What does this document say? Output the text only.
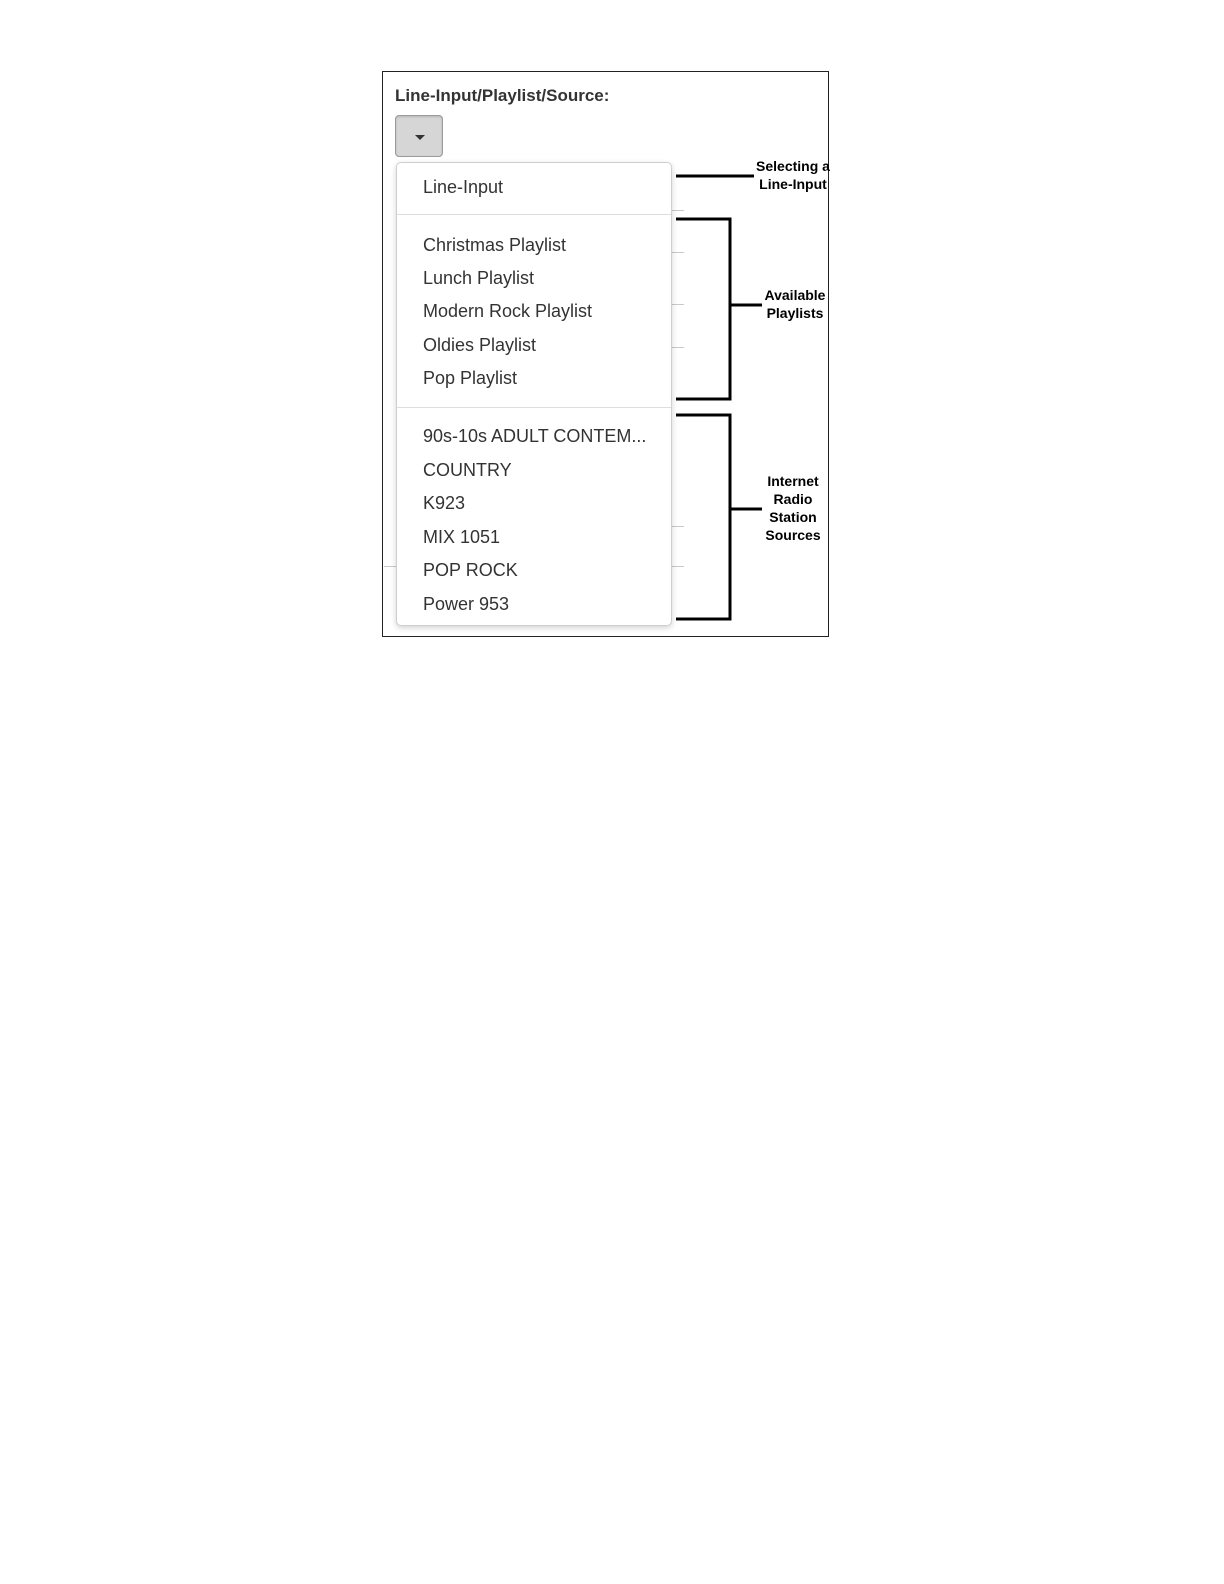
Line-Input/Playlist/Source:
Line-Input
Christmas Playlist
Lunch Playlist
Modern Rock Playlist
Oldies Playlist
Pop Playlist
90s-10s ADULT CONTEM...
COUNTRY
K923
MIX 1051
POP ROCK
Power 953
Selecting a
Line-Input
Available
Playlists
Internet
Radio
Station
Sources
